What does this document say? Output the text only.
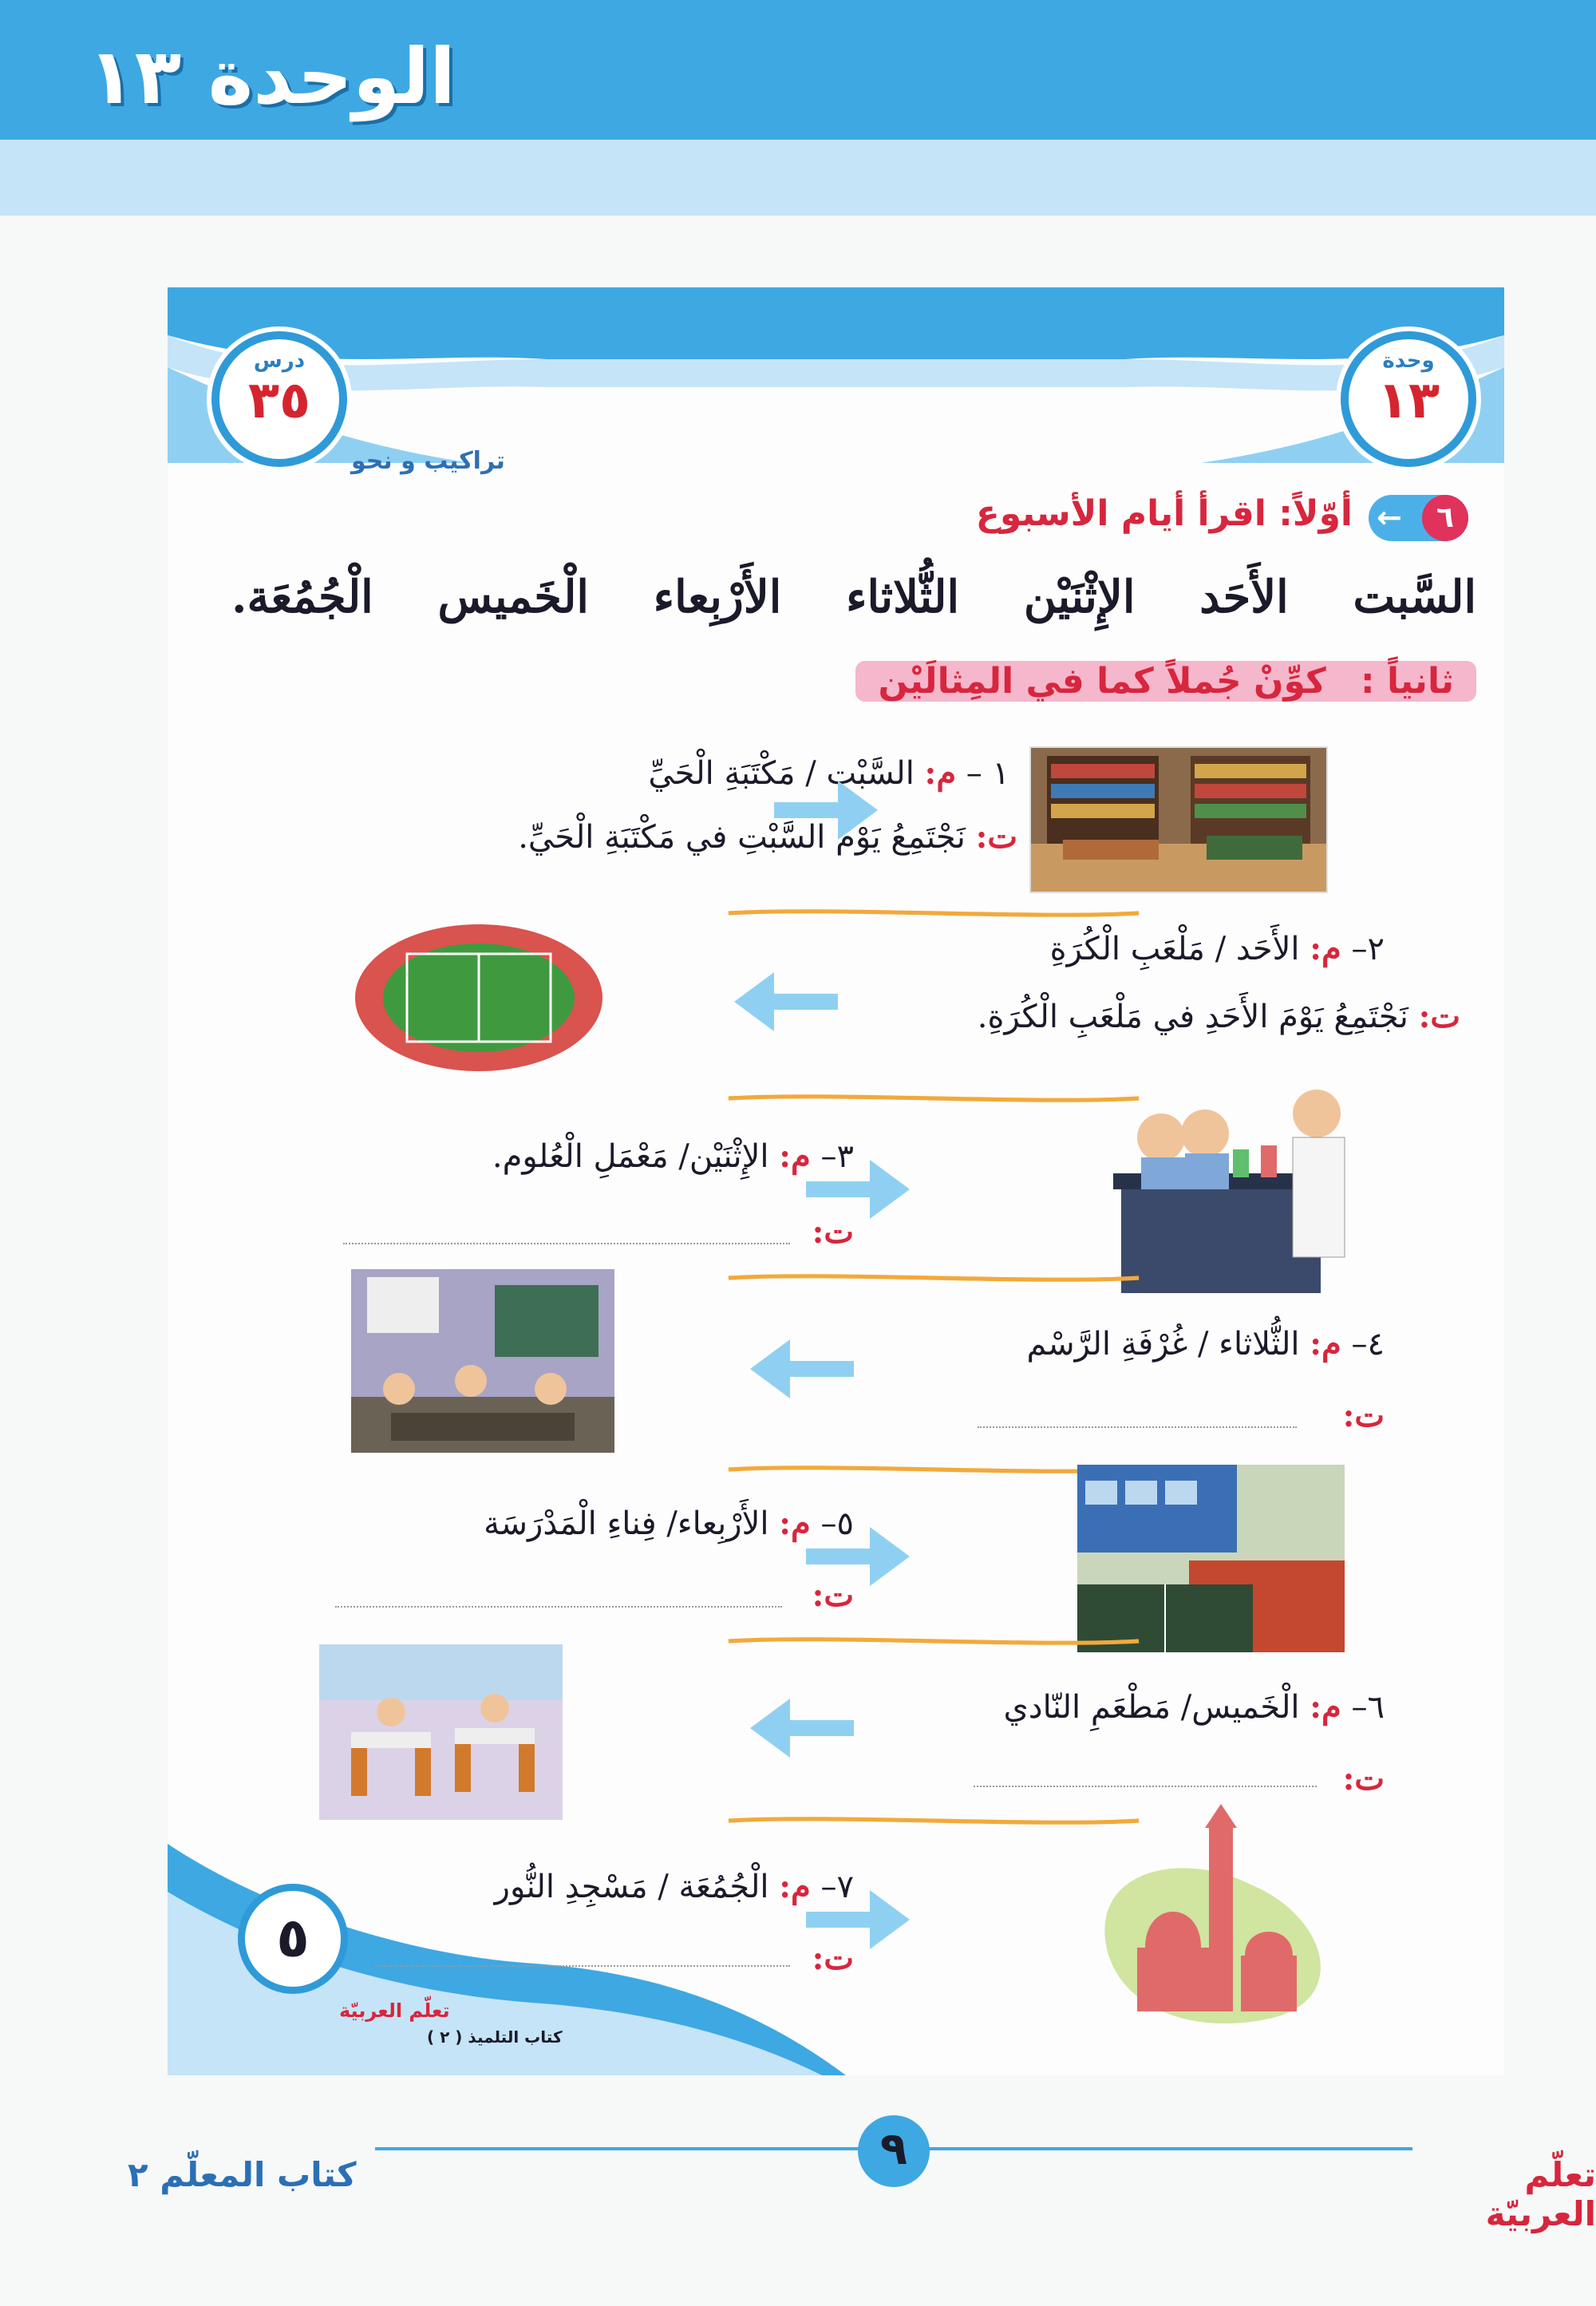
الوحدة ١٣
وحدة
١٣
درس
٣٥
تراكيب و نحو
٦
←
أوّلاً: اقرأ أيام الأسبوع
السَّبت
الأَحَد
الإِثْنَيْن
الثُّلاثاء
الأَرْبِعاء
الْخَميس
الْجُمُعَة.
ثانياً : كوِّنْ جُملاً كما في المِثالَيْن
١ – م: السَّبْت / مَكْتَبَةِ الْحَيِّ
ت: نَجْتَمِعُ يَوْمَ السَّبْتِ في مَكْتَبَةِ الْحَيِّ.
٢– م: الأَحَد / مَلْعَبِ الْكُرَةِ
ت: نَجْتَمِعُ يَوْمَ الأَحَدِ في مَلْعَبِ الْكُرَةِ.
٣– م: الإِثْنَيْن/ مَعْمَلِ الْعُلوم.
ت:
٤– م: الثُّلاثاء / غُرْفَةِ الرَّسْم
ت:
٥– م: الأَرْبِعاء/ فِناءِ الْمَدْرَسَة
ت:
٦– م: الْخَميس/ مَطْعَمِ النّادي
ت:
٥
تعلّم العربيّة
كتاب التلميذ ( ٢ )
٧– م: الْجُمُعَة / مَسْجِدِ النُّور
ت:
٩
كتاب المعلّم ٢	تعلّم العربيّة
